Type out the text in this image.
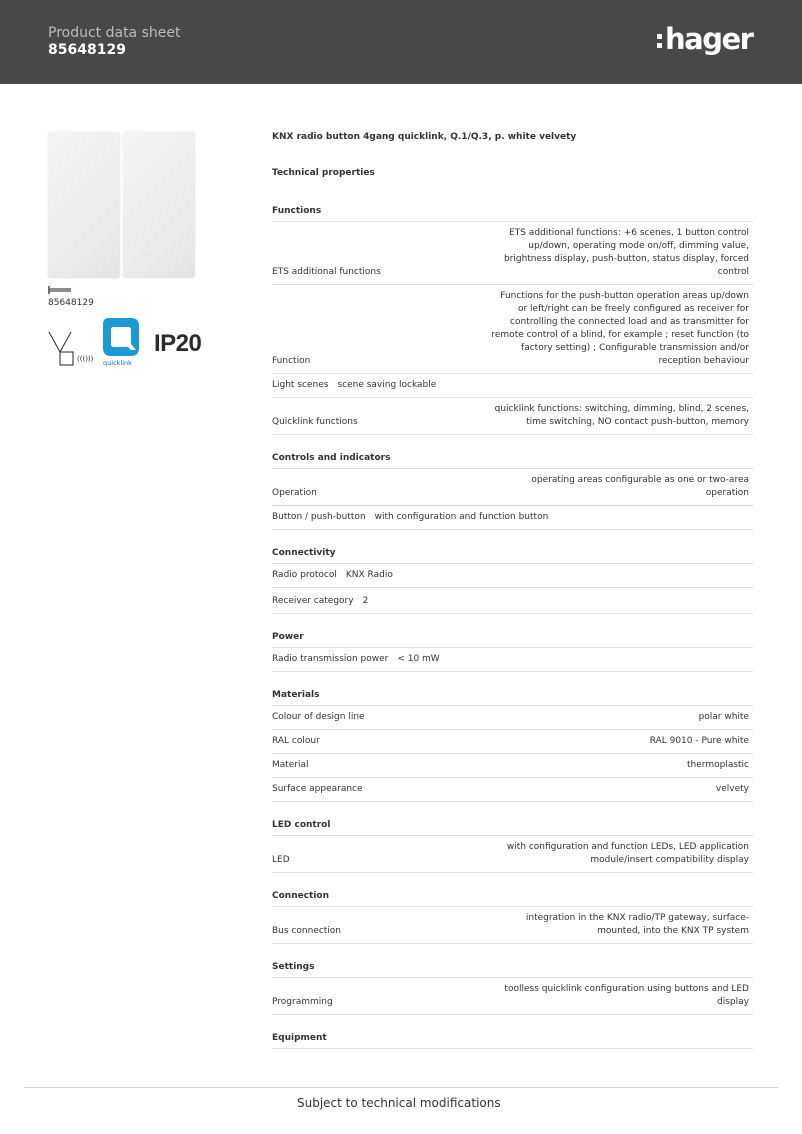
Product data sheet
85648129	hager
85648129
((())) quicklink
IP20
KNX radio button 4gang quicklink, Q.1/Q.3, p. white velvety
Technical properties
Functions
ETS additional functions
ETS additional functions: +6 scenes, 1 button control up/down, operating mode on/off, dimming value, brightness display, push-button, status display, forced control
Function
Functions for the push-button operation areas up/down or left/right can be freely configured as receiver for controlling the connected load and as transmitter for remote control of a blind, for example ; reset function (to factory setting) ; Configurable transmission and/or reception behaviour
Light scenes scene saving lockable
Quicklink functions
quicklink functions: switching, dimming, blind, 2 scenes, time switching, NO contact push-button, memory
Controls and indicators
Operation
operating areas configurable as one or two-area operation
Button / push-button with configuration and function button
Connectivity
Radio protocol KNX Radio
Receiver category 2
Power
Radio transmission power < 10 mW
Materials
Colour of design line	polar white
RAL colour	RAL 9010 - Pure white
Material	thermoplastic
Surface appearance	velvety
LED control
LED
with configuration and function LEDs, LED application module/insert compatibility display
Connection
Bus connection
integration in the KNX radio/TP gateway, surface-mounted, into the KNX TP system
Settings
Programming
toolless quicklink configuration using buttons and LED display
Equipment
Subject to technical modifications
